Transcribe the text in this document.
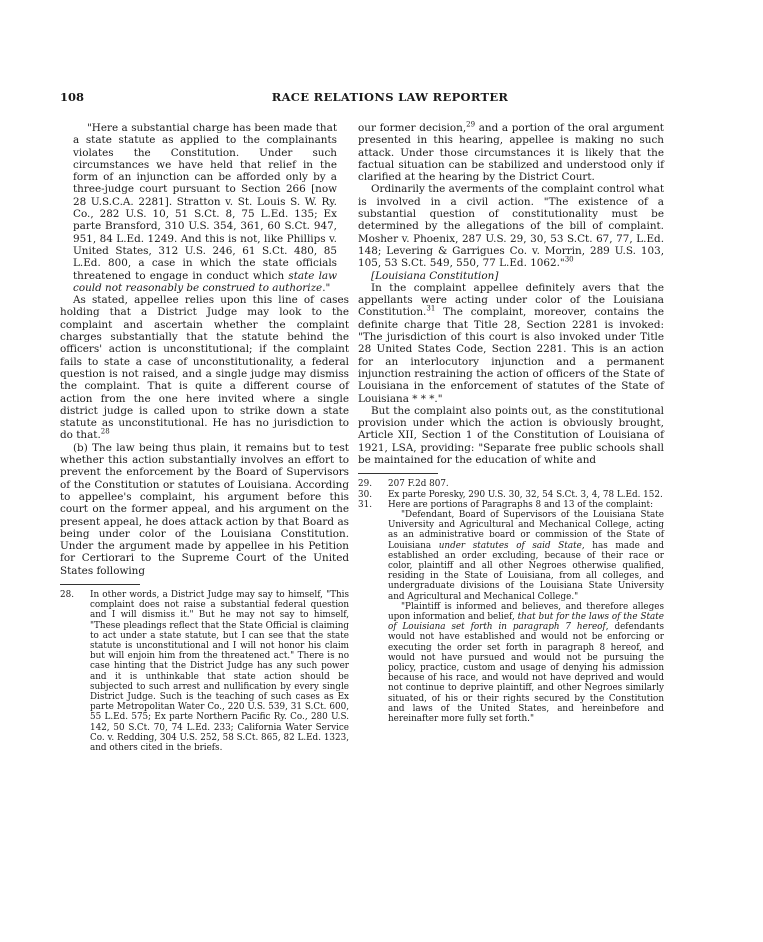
108	RACE RELATIONS LAW REPORTER

"Here a substantial charge has been made that a state statute as applied to the complainants violates the Constitution. Under such circumstances we have held that relief in the form of an injunction can be afforded only by a three-judge court pursuant to Section 266 [now 28 U.S.C.A. 2281]. Stratton v. St. Louis S. W. Ry. Co., 282 U.S. 10, 51 S.Ct. 8, 75 L.Ed. 135; Ex parte Bransford, 310 U.S. 354, 361, 60 S.Ct. 947, 951, 84 L.Ed. 1249. And this is not, like Phillips v. United States, 312 U.S. 246, 61 S.Ct. 480, 85 L.Ed. 800, a case in which the state officials threatened to engage in conduct which state law could not reasonably be construed to authorize."

As stated, appellee relies upon this line of cases holding that a District Judge may look to the complaint and ascertain whether the complaint charges substantially that the statute behind the officers' action is unconstitutional; if the complaint fails to state a case of unconstitutionality, a federal question is not raised, and a single judge may dismiss the complaint. That is quite a different course of action from the one here invited where a single district judge is called upon to strike down a state statute as unconstitutional. He has no jurisdiction to do that.$^{28}$

(b) The law being thus plain, it remains but to test whether this action substantially involves an effort to prevent the enforcement by the Board of Supervisors of the Constitution or statutes of Louisiana. According to appellee's complaint, his argument before this court on the former appeal, and his argument on the present appeal, he does attack action by that Board as being under color of the Louisiana Constitution. Under the argument made by appellee in his Petition for Certiorari to the Supreme Court of the United States following

28. In other words, a District Judge may say to himself, "This complaint does not raise a substantial federal question and I will dismiss it." But he may not say to himself, "These pleadings reflect that the State Official is claiming to act under a state statute, but I can see that the state statute is unconstitutional and I will not honor his claim but will enjoin him from the threatened act." There is no case hinting that the District Judge has any such power and it is unthinkable that state action should be subjected to such arrest and nullification by every single District Judge. Such is the teaching of such cases as Ex parte Metropolitan Water Co., 220 U.S. 539, 31 S.Ct. 600, 55 L.Ed. 575; Ex parte Northern Pacific Ry. Co., 280 U.S. 142, 50 S.Ct. 70, 74 L.Ed. 233; California Water Service Co. v. Redding, 304 U.S. 252, 58 S.Ct. 865, 82 L.Ed. 1323, and others cited in the briefs.

our former decision,$^{29}$ and a portion of the oral argument presented in this hearing, appellee is making no such attack. Under those circumstances it is likely that the factual situation can be stabilized and understood only if clarified at the hearing by the District Court.

Ordinarily the averments of the complaint control what is involved in a civil action. "The existence of a substantial question of constitutionality must be determined by the allegations of the bill of complaint. Mosher v. Phoenix, 287 U.S. 29, 30, 53 S.Ct. 67, 77, L.Ed. 148; Levering & Garrigues Co. v. Morrin, 289 U.S. 103, 105, 53 S.Ct. 549, 550, 77 L.Ed. 1062."$^{30}$

[Louisiana Constitution]

In the complaint appellee definitely avers that the appellants were acting under color of the Louisiana Constitution.$^{31}$ The complaint, moreover, contains the definite charge that Title 28, Section 2281 is invoked: "The jurisdiction of this court is also invoked under Title 28 United States Code, Section 2281. This is an action for an interlocutory injunction and a permanent injunction restraining the action of officers of the State of Louisiana in the enforcement of statutes of the State of Louisiana * * *."

But the complaint also points out, as the constitutional provision under which the action is obviously brought, Article XII, Section 1 of the Constitution of Louisiana of 1921, LSA, providing: "Separate free public schools shall be maintained for the education of white and

29. 207 F.2d 807.

30. Ex parte Poresky, 290 U.S. 30, 32, 54 S.Ct. 3, 4, 78 L.Ed. 152.

31. Here are portions of Paragraphs 8 and 13 of the complaint:

"Defendant, Board of Supervisors of the Louisiana State University and Agricultural and Mechanical College, acting as an administrative board or commission of the State of Louisiana under statutes of said State, has made and established an order excluding, because of their race or color, plaintiff and all other Negroes otherwise qualified, residing in the State of Louisiana, from all colleges, and undergraduate divisions of the Louisiana State University and Agricultural and Mechanical College."

"Plaintiff is informed and believes, and therefore alleges upon information and belief, that but for the laws of the State of Louisiana set forth in paragraph 7 hereof, defendants would not have established and would not be enforcing or executing the order set forth in paragraph 8 hereof, and would not have pursued and would not be pursuing the policy, practice, custom and usage of denying his admission because of his race, and would not have deprived and would not continue to deprive plaintiff, and other Negroes similarly situated, of his or their rights secured by the Constitution and laws of the United States, and hereinbefore and hereinafter more fully set forth."
